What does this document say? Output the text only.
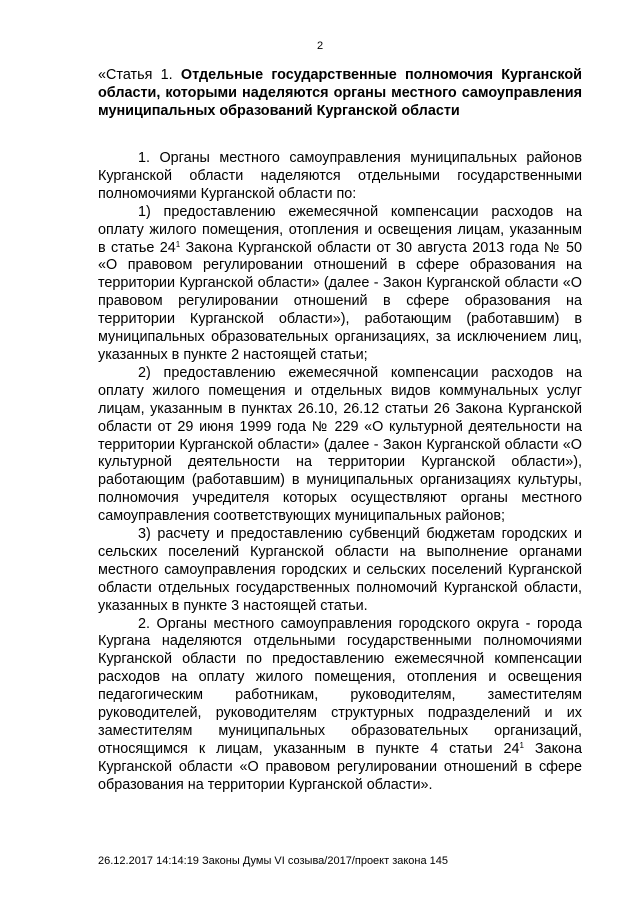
2

«Статья 1. Отдельные государственные полномочия Курганской области, которыми наделяются органы местного самоуправления муниципальных образований Курганской области

1. Органы местного самоуправления муниципальных районов Курганской области наделяются отдельными государственными полномочиями Курганской области по:

1) предоставлению ежемесячной компенсации расходов на оплату жилого помещения, отопления и освещения лицам, указанным в статье $24^1$ Закона Курганской области от 30 августа 2013 года № 50 «О правовом регулировании отношений в сфере образования на территории Курганской области» (далее - Закон Курганской области «О правовом регулировании отношений в сфере образования на территории Курганской области»), работающим (работавшим) в муниципальных образовательных организациях, за исключением лиц, указанных в пункте 2 настоящей статьи;

2) предоставлению ежемесячной компенсации расходов на оплату жилого помещения и отдельных видов коммунальных услуг лицам, указанным в пунктах 26.10, 26.12 статьи 26 Закона Курганской области от 29 июня 1999 года № 229 «О культурной деятельности на территории Курганской области» (далее - Закон Курганской области «О культурной деятельности на территории Курганской области»), работающим (работавшим) в муниципальных организациях культуры, полномочия учредителя которых осуществляют органы местного самоуправления соответствующих муниципальных районов;

3) расчету и предоставлению субвенций бюджетам городских и сельских поселений Курганской области на выполнение органами местного самоуправления городских и сельских поселений Курганской области отдельных государственных полномочий Курганской области, указанных в пункте 3 настоящей статьи.

2. Органы местного самоуправления городского округа - города Кургана наделяются отдельными государственными полномочиями Курганской области по предоставлению ежемесячной компенсации расходов на оплату жилого помещения, отопления и освещения педагогическим работникам, руководителям, заместителям руководителей, руководителям структурных подразделений и их заместителям муниципальных образовательных организаций, относящимся к лицам, указанным в пункте 4 статьи $24^1$ Закона Курганской области «О правовом регулировании отношений в сфере образования на территории Курганской области».

26.12.2017 14:14:19 Законы Думы VI созыва/2017/проект закона 145
